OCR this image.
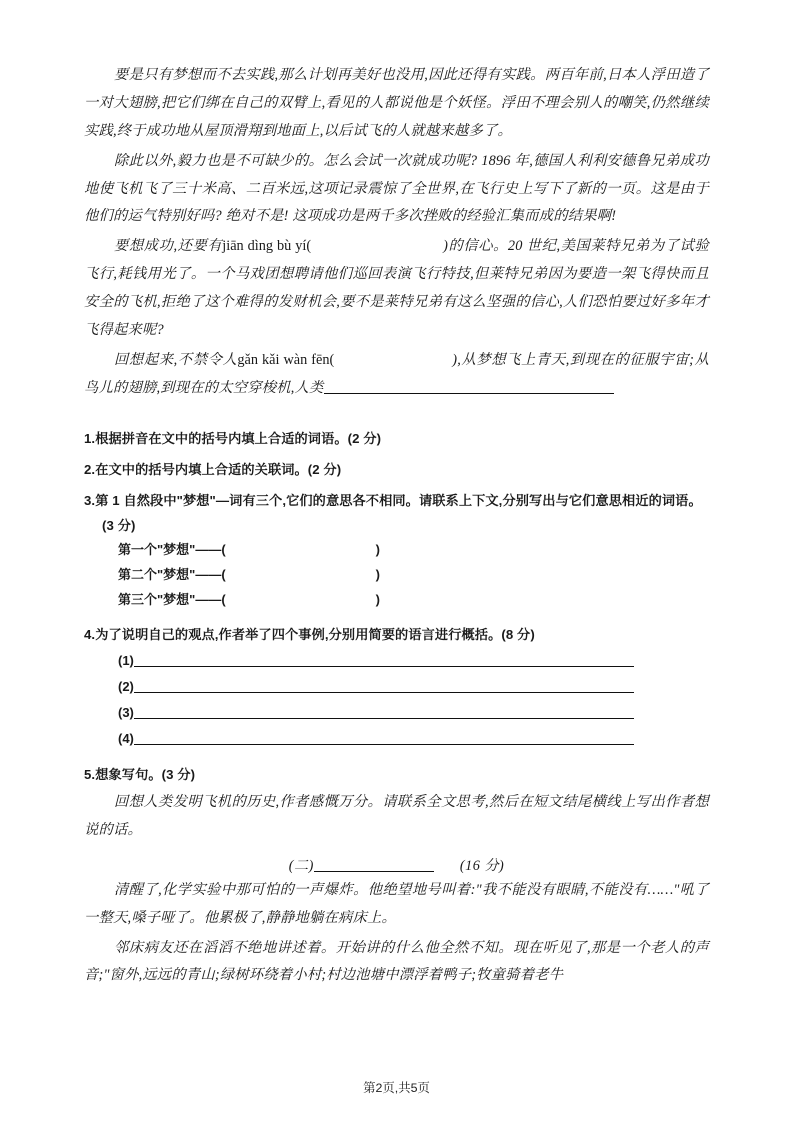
要是只有梦想而不去实践,那么计划再美好也没用,因此还得有实践。两百年前,日本人浮田造了一对大翅膀,把它们绑在自己的双臂上,看见的人都说他是个妖怪。浮田不理会别人的嘲笑,仍然继续实践,终于成功地从屋顶滑翔到地面上,以后试飞的人就越来越多了。

除此以外,毅力也是不可缺少的。怎么会试一次就成功呢? 1896 年,德国人利利安德鲁兄弟成功地使飞机飞了三十米高、二百米远,这项记录震惊了全世界,在飞行史上写下了新的一页。这是由于他们的运气特别好吗? 绝对不是! 这项成功是两千多次挫败的经验汇集而成的结果啊!

要想成功,还要有jiān dìng bù yí(	)的信心。20 世纪,美国莱特兄弟为了试验飞行,耗钱用光了。一个马戏团想聘请他们巡回表演飞行特技,但莱特兄弟因为要造一架飞得快而且安全的飞机,拒绝了这个难得的发财机会,要不是莱特兄弟有这么坚强的信心,人们恐怕要过好多年才飞得起来呢?

回想起来,不禁令人gǎn kǎi wàn fēn(	),从梦想飞上青天,到现在的征服宇宙;从鸟儿的翅膀,到现在的太空穿梭机,人类

1.根据拼音在文中的括号内填上合适的词语。(2 分)
2.在文中的括号内填上合适的关联词。(2 分)
3.第 1 自然段中"梦想"—词有三个,它们的意思各不相同。请联系上下文,分别写出与它们意思相近的词语。(3 分)
第一个"梦想"——(	)
第二个"梦想"——(	)
第三个"梦想"——(	)
4.为了说明自己的观点,作者举了四个事例,分别用简要的语言进行概括。(8 分)
(1)
(2)
(3)
(4)
5.想象写句。(3 分)

回想人类发明飞机的历史,作者感慨万分。请联系全文思考,然后在短文结尾横线上写出作者想说的话。

(二)	(16 分)

清醒了,化学实验中那可怕的一声爆炸。他绝望地号叫着:"我不能没有眼睛,不能没有……"吼了一整天,嗓子哑了。他累极了,静静地躺在病床上。

邻床病友还在滔滔不绝地讲述着。开始讲的什么他全然不知。现在听见了,那是一个老人的声音;"窗外,远远的青山;绿树环绕着小村;村边池塘中漂浮着鸭子;牧童骑着老牛

第2页,共5页
